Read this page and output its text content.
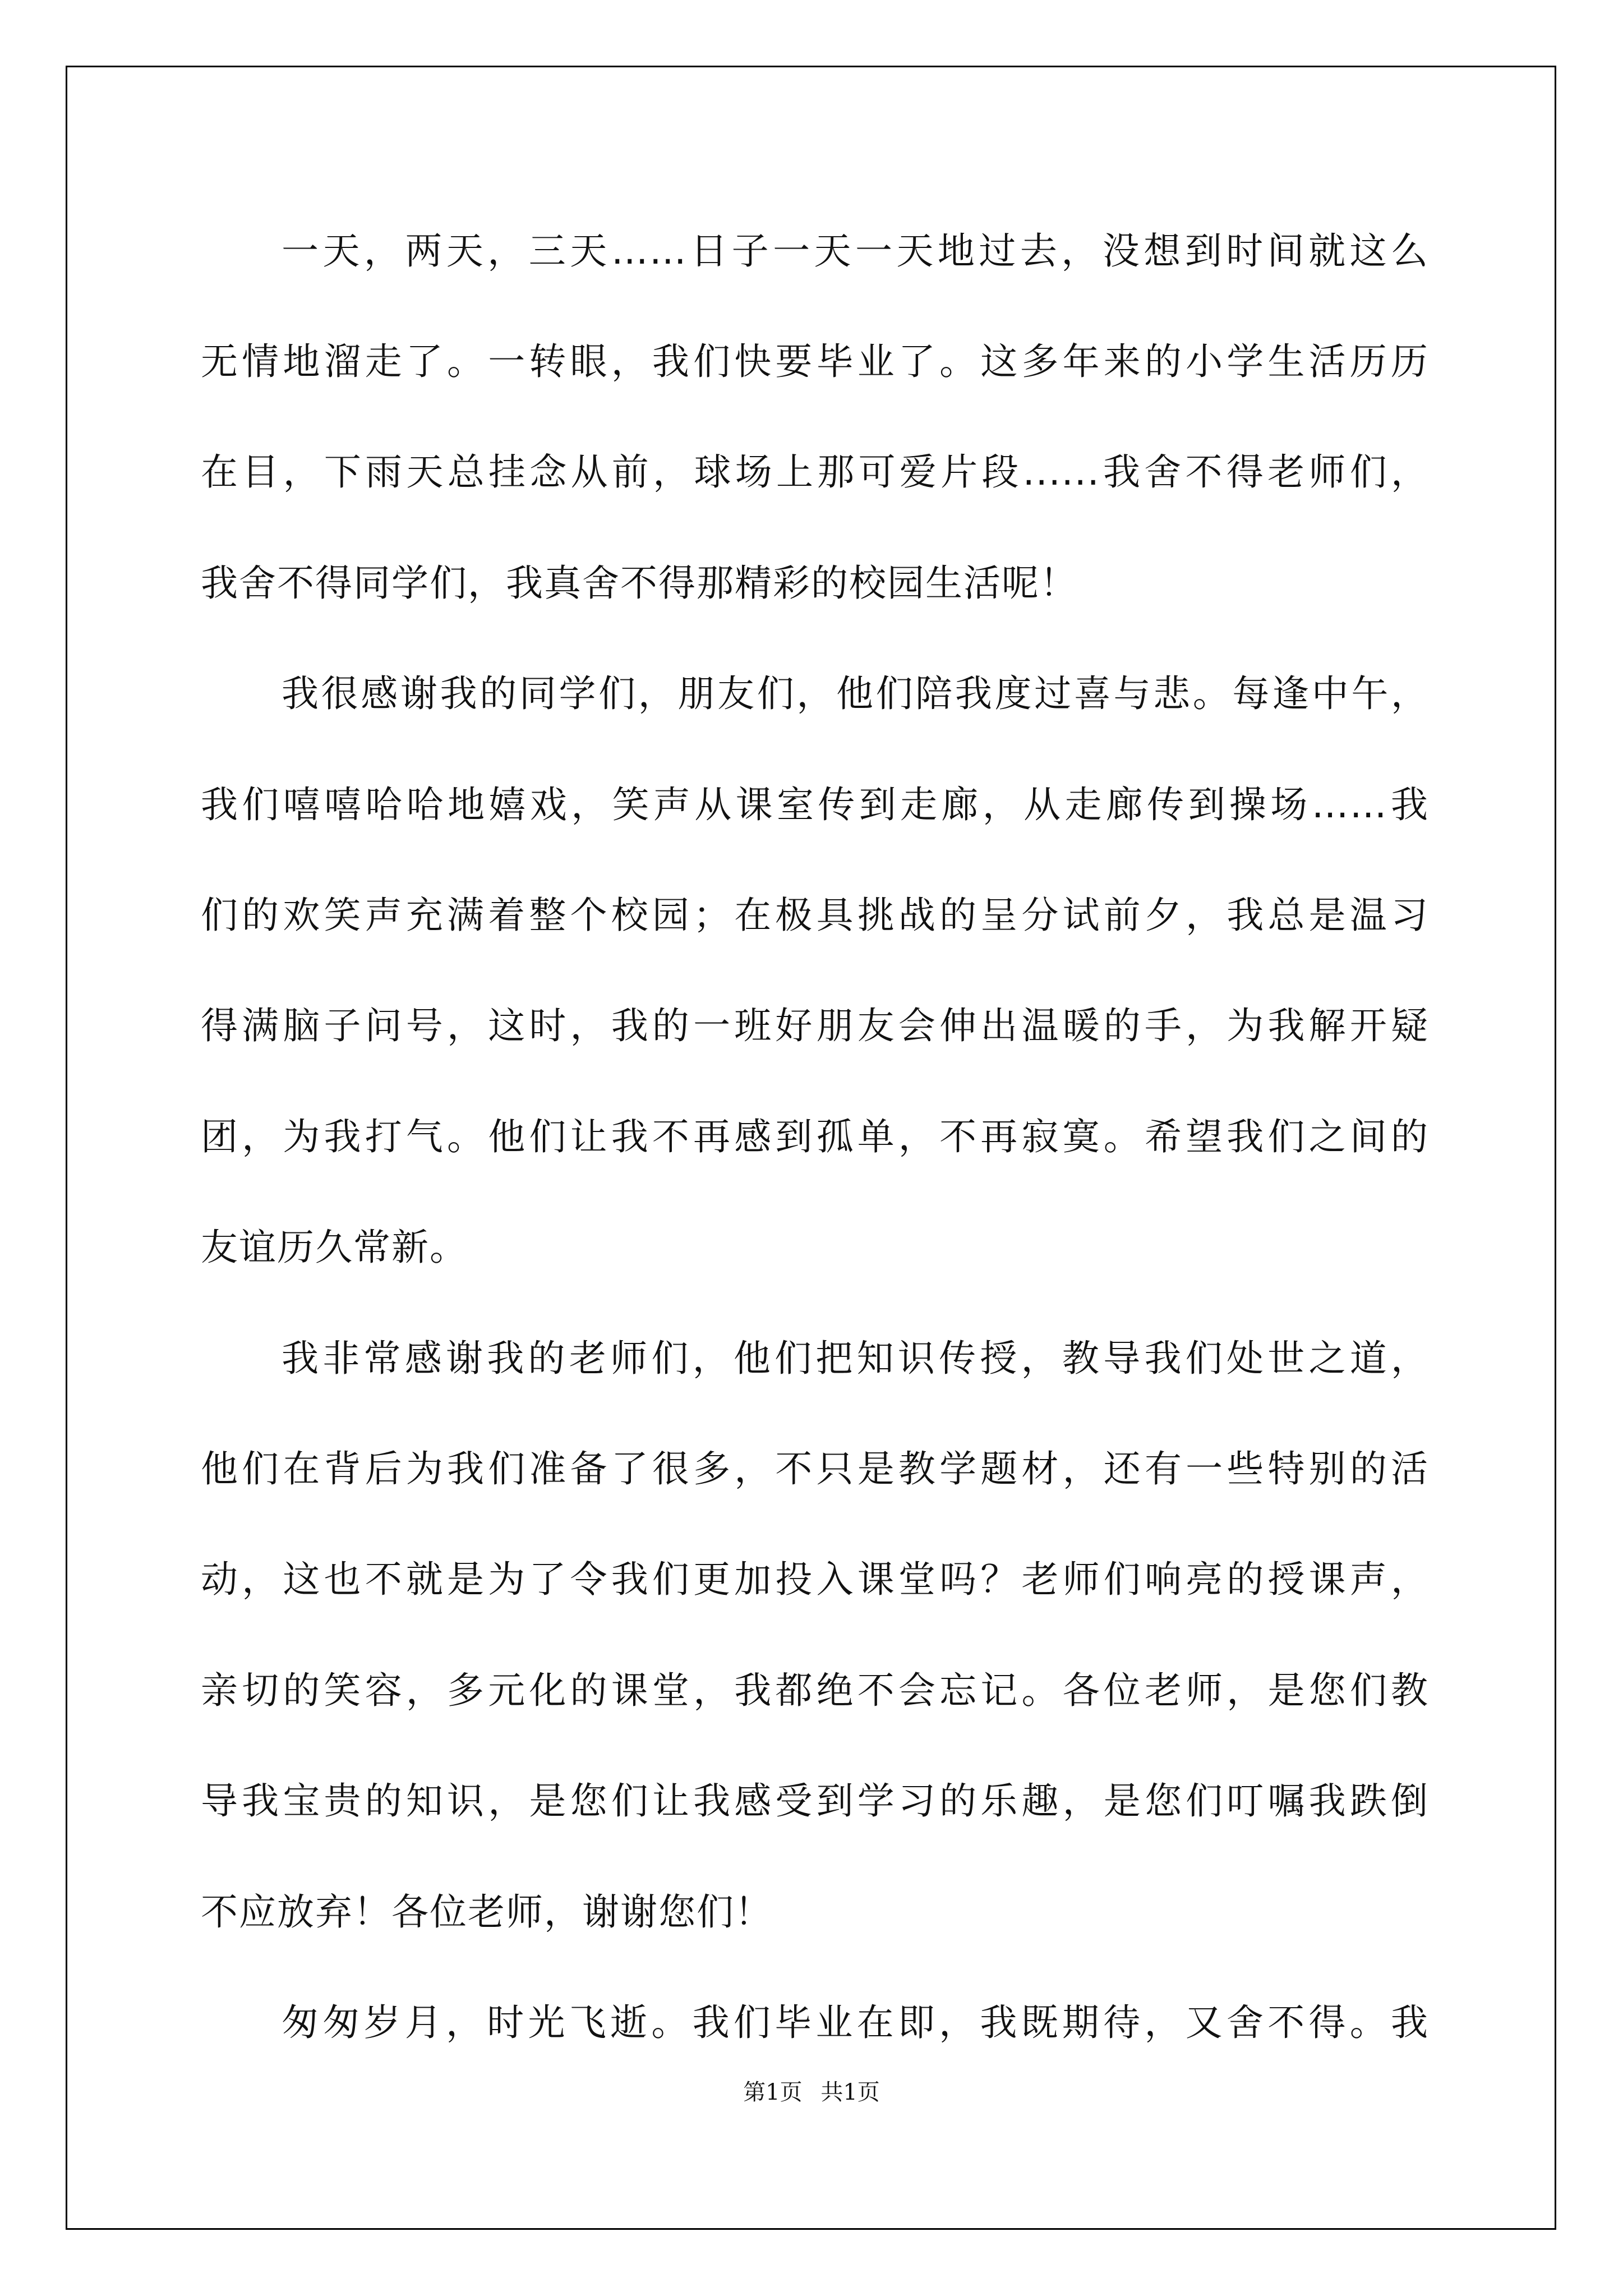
一天，两天，三天……日子一天一天地过去，没想到时间就这么

无情地溜走了。一转眼，我们快要毕业了。这多年来的小学生活历历

在目，下雨天总挂念从前，球场上那可爱片段......我舍不得老师们，

我舍不得同学们，我真舍不得那精彩的校园生活呢！

我很感谢我的同学们，朋友们，他们陪我度过喜与悲。每逢中午，

我们嘻嘻哈哈地嬉戏，笑声从课室传到走廊，从走廊传到操场……我

们的欢笑声充满着整个校园；在极具挑战的呈分试前夕，我总是温习

得满脑子问号，这时，我的一班好朋友会伸出温暖的手，为我解开疑

团，为我打气。他们让我不再感到孤单，不再寂寞。希望我们之间的

友谊历久常新。

我非常感谢我的老师们，他们把知识传授，教导我们处世之道，

他们在背后为我们准备了很多，不只是教学题材，还有一些特别的活

动，这也不就是为了令我们更加投入课堂吗？老师们响亮的授课声，

亲切的笑容，多元化的课堂，我都绝不会忘记。各位老师，是您们教

导我宝贵的知识，是您们让我感受到学习的乐趣，是您们叮嘱我跌倒

不应放弃！各位老师，谢谢您们！

匆匆岁月，时光飞逝。我们毕业在即，我既期待，又舍不得。我

第1页 共1页
